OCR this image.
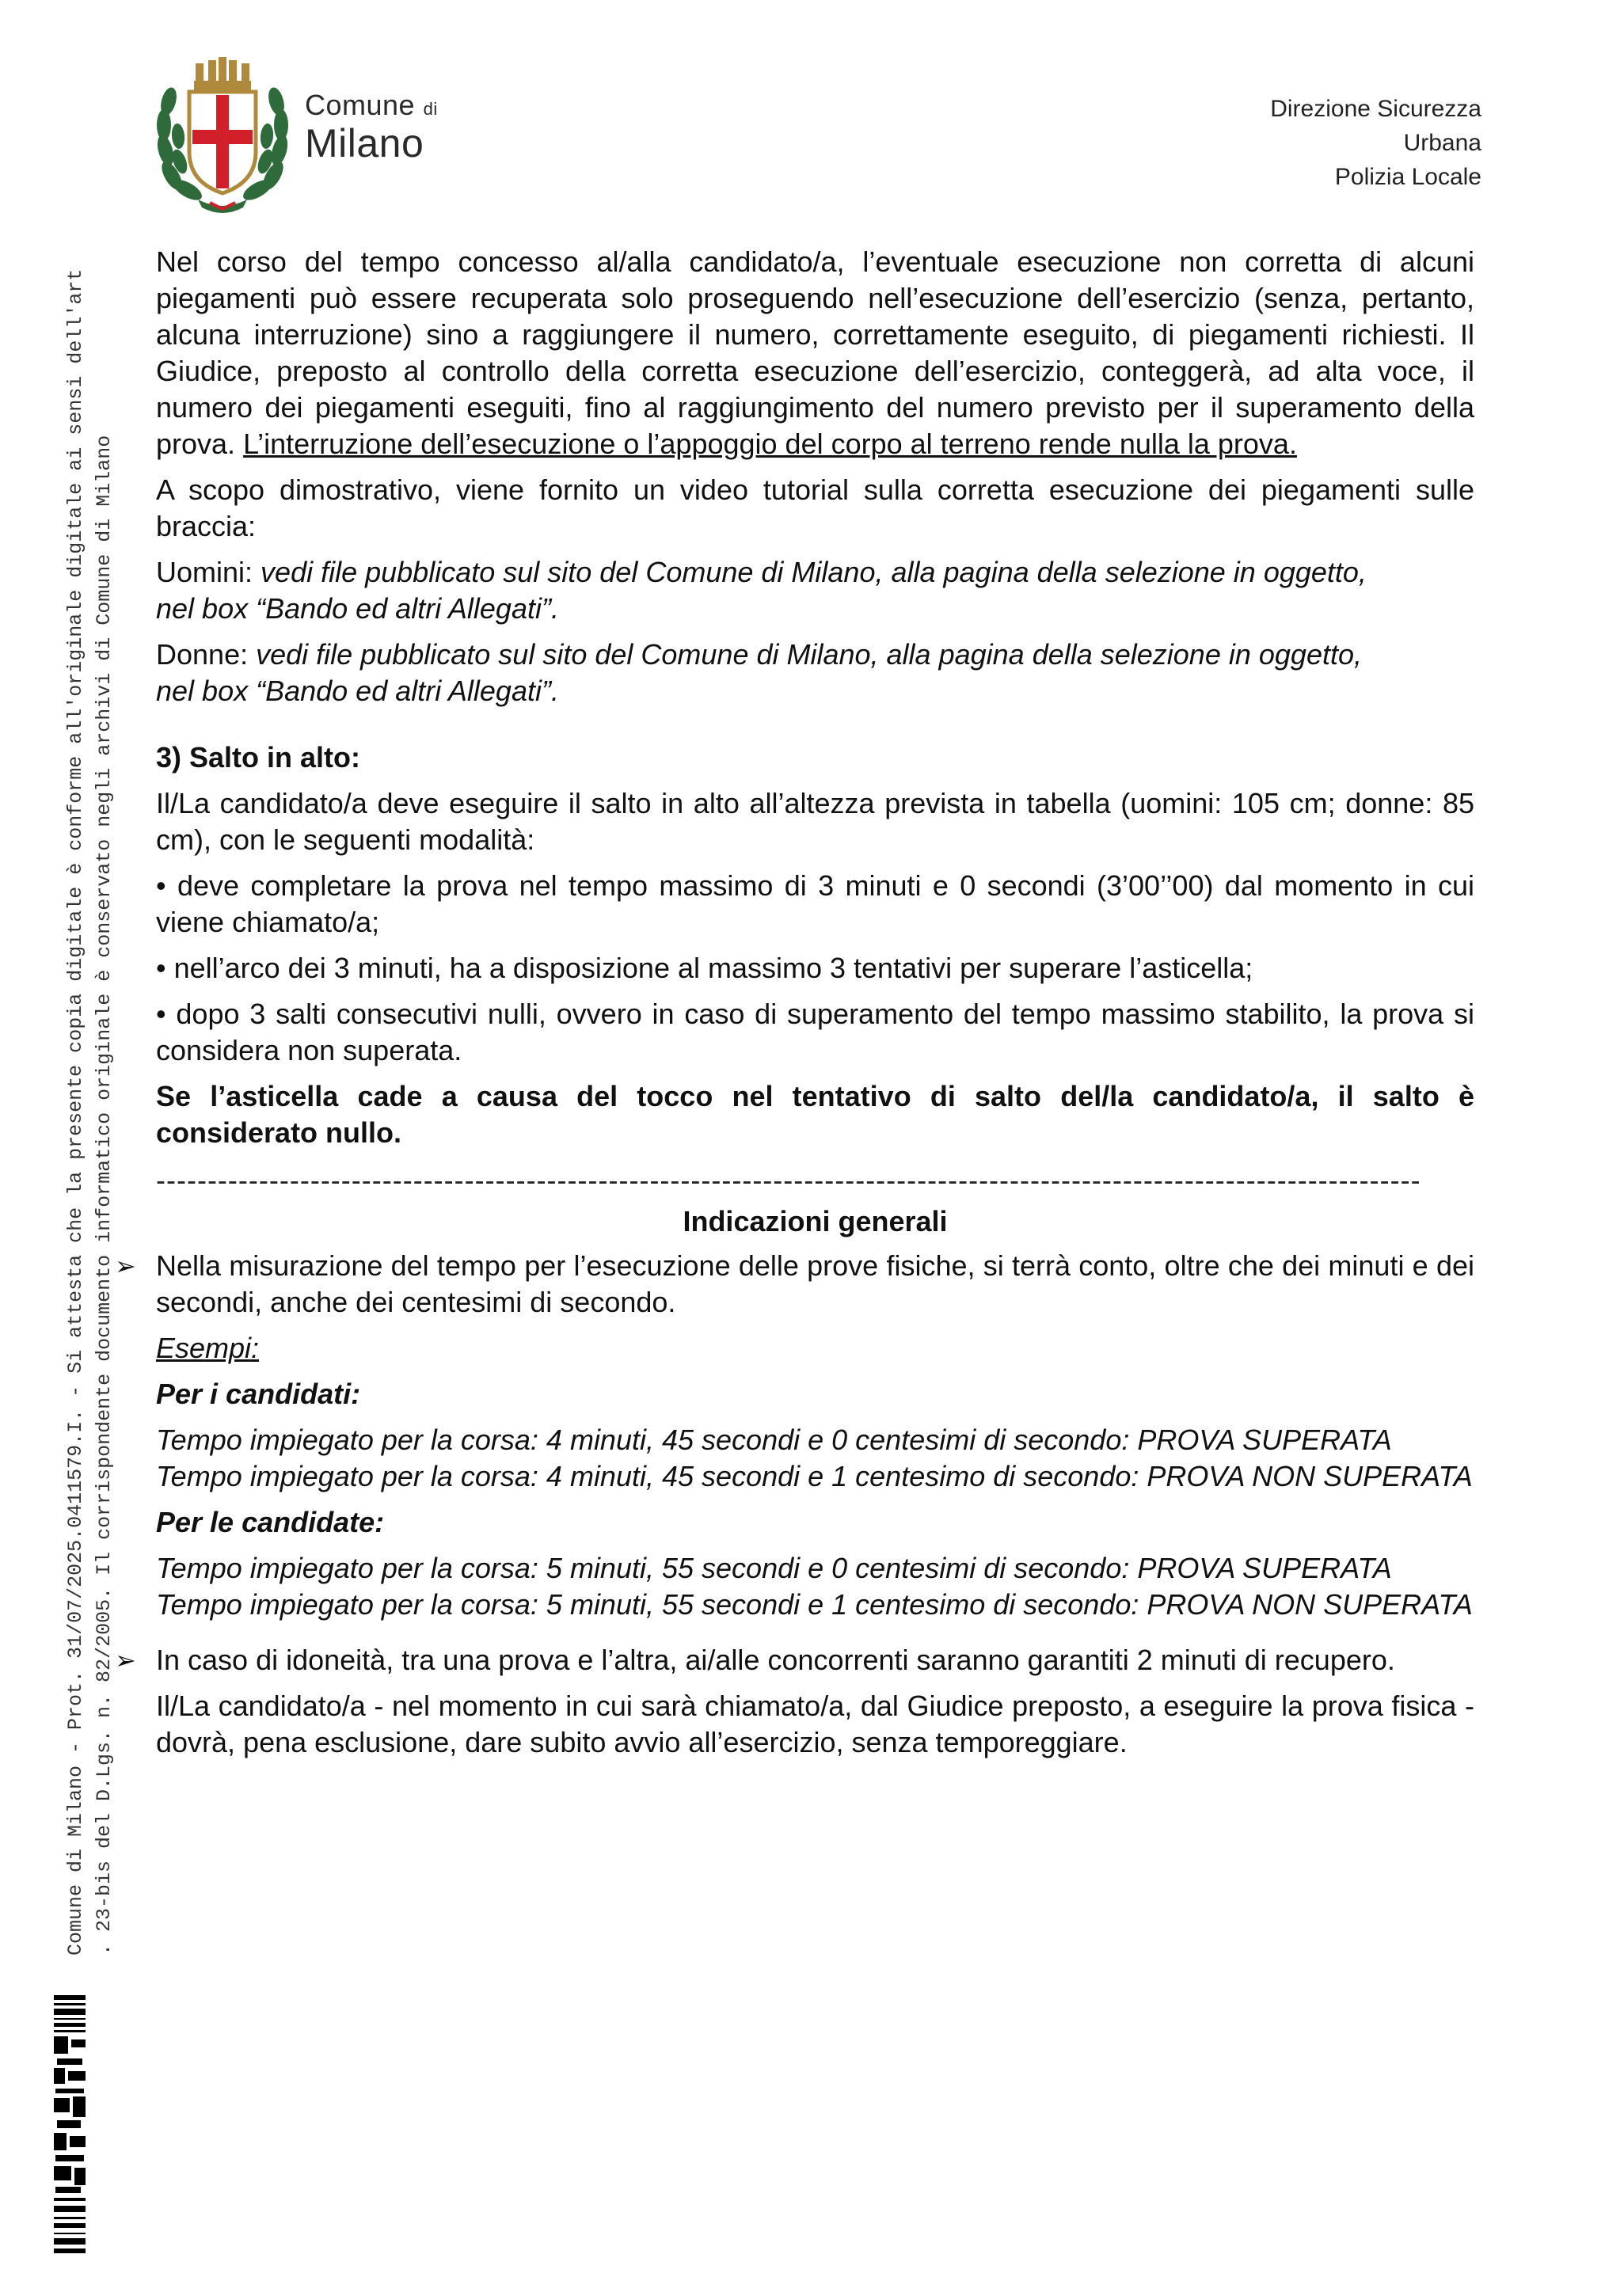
Comune di Milano - Prot. 31/07/2025.0411579.I. - Si attesta che la presente copia digitale è conforme all'originale digitale ai sensi dell'art . 23-bis del D.Lgs. n. 82/2005. Il corrispondente documento informatico originale è conservato negli archivi di Comune di Milano
Comune di
Milano
Direzione Sicurezza
Urbana
Polizia Locale

Nel corso del tempo concesso al/alla candidato/a, l’eventuale esecuzione non corretta di alcuni piegamenti può essere recuperata solo proseguendo nell’esecuzione dell’esercizio (senza, pertanto, alcuna interruzione) sino a raggiungere il numero, correttamente eseguito, di piegamenti richiesti. Il Giudice, preposto al controllo della corretta esecuzione dell’esercizio, conteggerà, ad alta voce, il numero dei piegamenti eseguiti, fino al raggiungimento del numero previsto per il superamento della prova. L’interruzione dell’esecuzione o l’appoggio del corpo al terreno rende nulla la prova.

A scopo dimostrativo, viene fornito un video tutorial sulla corretta esecuzione dei piegamenti sulle braccia:

Uomini: vedi file pubblicato sul sito del Comune di Milano, alla pagina della selezione in oggetto,
nel box “Bando ed altri Allegati”.

Donne: vedi file pubblicato sul sito del Comune di Milano, alla pagina della selezione in oggetto,
nel box “Bando ed altri Allegati”.

3) Salto in alto:

Il/La candidato/a deve eseguire il salto in alto all’altezza prevista in tabella (uomini: 105 cm; donne: 85 cm), con le seguenti modalità:

• deve completare la prova nel tempo massimo di 3 minuti e 0 secondi (3’00’’00) dal momento in cui viene chiamato/a;

• nell’arco dei 3 minuti, ha a disposizione al massimo 3 tentativi per superare l’asticella;

• dopo 3 salti consecutivi nulli, ovvero in caso di superamento del tempo massimo stabilito, la prova si considera non superata.

Se l’asticella cade a causa del tocco nel tentativo di salto del/la candidato/a, il salto è considerato nullo.

---------------------------------------------------------------------------------------------------------------------------
Indicazioni generali

➢ Nella misurazione del tempo per l’esecuzione delle prove fisiche, si terrà conto, oltre che dei minuti e dei secondi, anche dei centesimi di secondo.

Esempi:

Per i candidati:

Tempo impiegato per la corsa: 4 minuti, 45 secondi e 0 centesimi di secondo: PROVA SUPERATA
Tempo impiegato per la corsa: 4 minuti, 45 secondi e 1 centesimo di secondo: PROVA NON SUPERATA

Per le candidate:

Tempo impiegato per la corsa: 5 minuti, 55 secondi e 0 centesimi di secondo: PROVA SUPERATA
Tempo impiegato per la corsa: 5 minuti, 55 secondi e 1 centesimo di secondo: PROVA NON SUPERATA

➢ In caso di idoneità, tra una prova e l’altra, ai/alle concorrenti saranno garantiti 2 minuti di recupero.

Il/La candidato/a - nel momento in cui sarà chiamato/a, dal Giudice preposto, a eseguire la prova fisica - dovrà, pena esclusione, dare subito avvio all’esercizio, senza temporeggiare.
